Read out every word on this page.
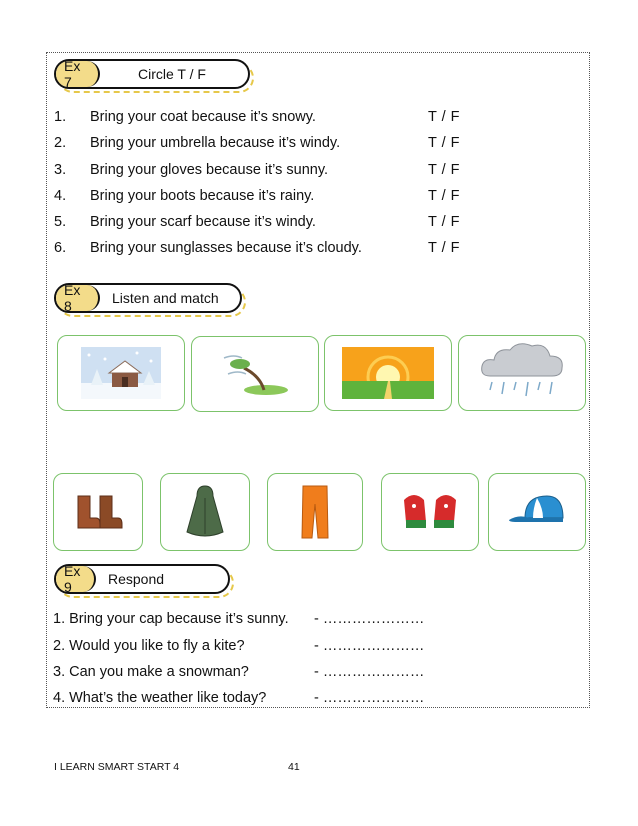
Ex 7	Circle T / F
1. Bring your coat because it’s snowy.	T / F
2. Bring your umbrella because it’s windy.	T / F
3. Bring your gloves because it’s sunny.	T / F
4. Bring your boots because it’s rainy.	T / F
5. Bring your scarf because it’s windy.	T / F
6. Bring your sunglasses because it’s cloudy.	T / F
Ex 8	Listen and match
Ex 9	Respond
1. Bring your cap because it’s sunny. - …………………
2. Would you like to fly a kite?	- …………………
3. Can you make a snowman?	- …………………
4. What’s the weather like today?	- …………………
I LEARN SMART START 4	41
